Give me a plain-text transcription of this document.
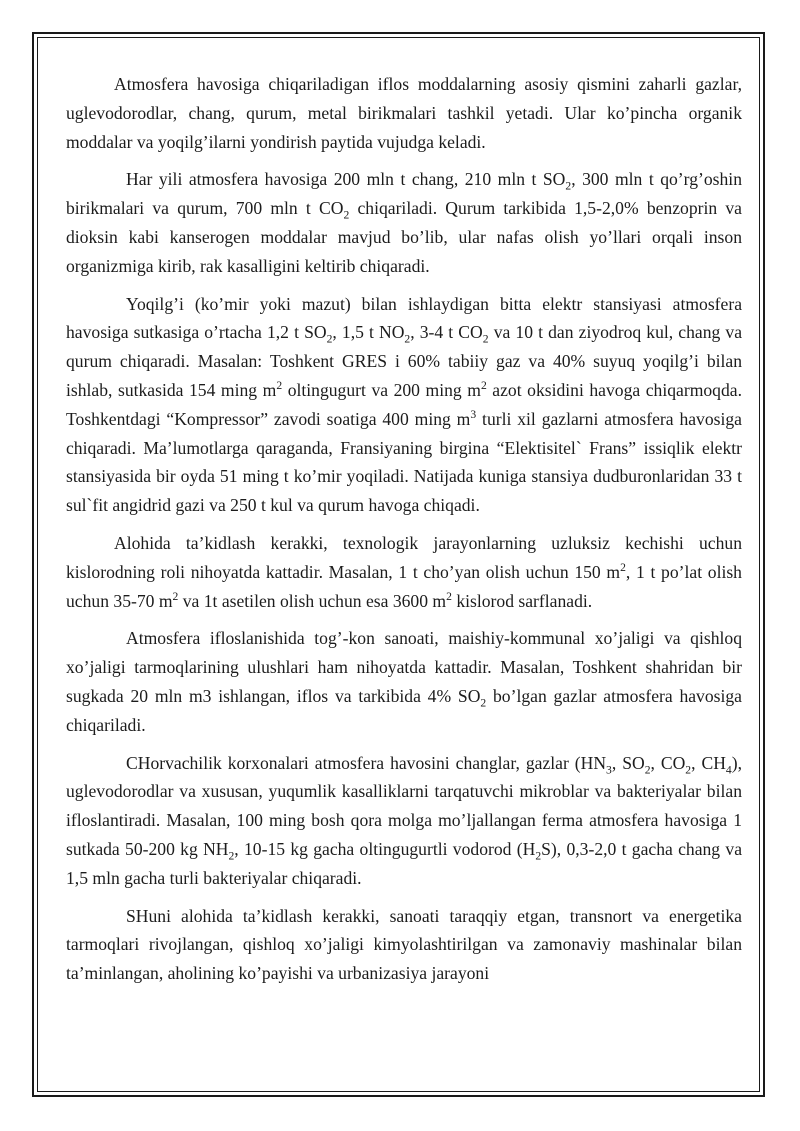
Atmosfera havosiga chiqariladigan iflos moddalarning asosiy qismini zaharli gazlar, uglevodorodlar, chang, qurum, metal birikmalari tashkil yetadi. Ular ko’pincha organik moddalar va yoqilg’ilarni yondirish paytida vujudga keladi.

Har yili atmosfera havosiga 200 mln t chang, 210 mln t $SO_2$, 300 mln t qo’rg’oshin birikmalari va qurum, 700 mln t $CO_2$ chiqariladi. Qurum tarkibida 1,5-2,0% benzoprin va dioksin kabi kanserogen moddalar mavjud bo’lib, ular nafas olish yo’llari orqali inson organizmiga kirib, rak kasalligini keltirib chiqaradi.

Yoqilg’i (ko’mir yoki mazut) bilan ishlaydigan bitta elektr stansiyasi atmosfera havosiga sutkasiga o’rtacha 1,2 t $SO_2$, 1,5 t $NO_2$, 3-4 t $CO_2$ va 10 t dan ziyodroq kul, chang va qurum chiqaradi. Masalan: Toshkent GRES i 60% tabiiy gaz va 40% suyuq yoqilg’i bilan ishlab, sutkasida 154 ming $m^2$ oltingugurt va 200 ming $m^2$ azot oksidini havoga chiqarmoqda. Toshkentdagi “Kompressor” zavodi soatiga 400 ming $m^3$ turli xil gazlarni atmosfera havosiga chiqaradi. Ma’lumotlarga qaraganda, Fransiyaning birgina “Elektisitel` Frans” issiqlik elektr stansiyasida bir oyda 51 ming t ko’mir yoqiladi. Natijada kuniga stansiya dudburonlaridan 33 t sul`fit angidrid gazi va 250 t kul va qurum havoga chiqadi.

Alohida ta’kidlash kerakki, texnologik jarayonlarning uzluksiz kechishi uchun kislorodning roli nihoyatda kattadir. Masalan, 1 t cho’yan olish uchun 150 $m^2$, 1 t po’lat olish uchun 35-70 $m^2$ va 1t asetilen olish uchun esa 3600 $m^2$ kislorod sarflanadi.

Atmosfera ifloslanishida tog’-kon sanoati, maishiy-kommunal xo’jaligi va qishloq xo’jaligi tarmoqlarining ulushlari ham nihoyatda kattadir. Masalan, Toshkent shahridan bir sugkada 20 mln m3 ishlangan, iflos va tarkibida 4% $SO_2$ bo’lgan gazlar atmosfera havosiga chiqariladi.

CHorvachilik korxonalari atmosfera havosini changlar, gazlar ($HN_3$, $SO_2$, $CO_2$, $CH_4$), uglevodorodlar va xususan, yuqumlik kasalliklarni tarqatuvchi mikroblar va bakteriyalar bilan ifloslantiradi. Masalan, 100 ming bosh qora molga mo’ljallangan ferma atmosfera havosiga 1 sutkada 50-200 kg $NH_2$, 10-15 kg gacha oltingugurtli vodorod $(H_2S)$, 0,3-2,0 t gacha chang va 1,5 mln gacha turli bakteriyalar chiqaradi.

SHuni alohida ta’kidlash kerakki, sanoati taraqqiy etgan, transnort va energetika tarmoqlari rivojlangan, qishloq xo’jaligi kimyolashtirilgan va zamonaviy mashinalar bilan ta’minlangan, aholining ko’payishi va urbanizasiya jarayoni
